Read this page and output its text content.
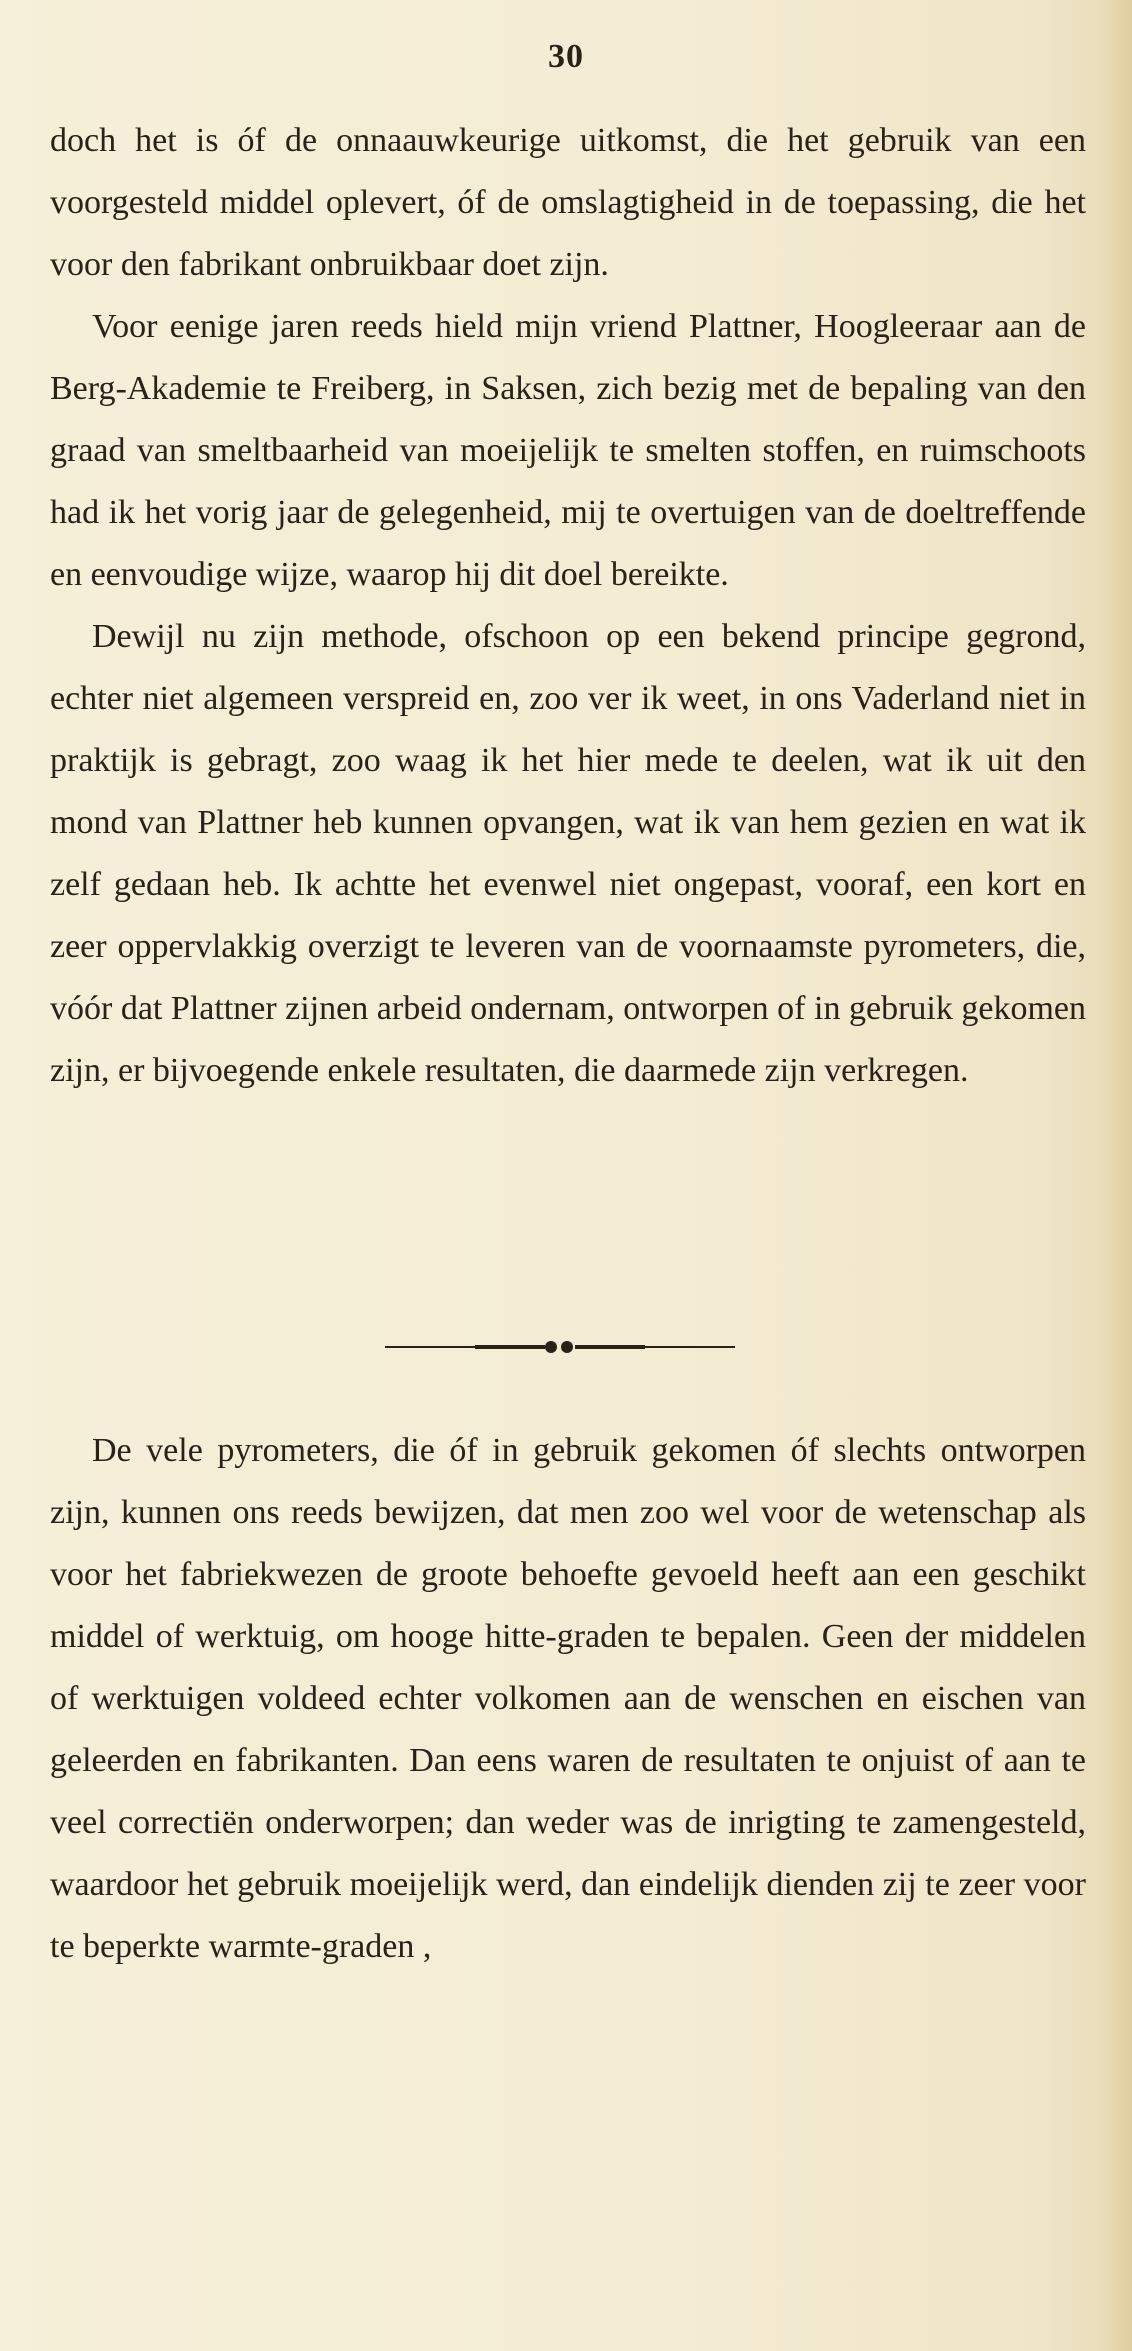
30

doch het is óf de onnaauwkeurige uitkomst, die het gebruik van een voorgesteld middel oplevert, óf de omslagtigheid in de toepassing, die het voor den fabrikant onbruikbaar doet zijn.

Voor eenige jaren reeds hield mijn vriend Plattner, Hoogleeraar aan de Berg-Akademie te Freiberg, in Saksen, zich bezig met de bepaling van den graad van smeltbaarheid van moeijelijk te smelten stoffen, en ruimschoots had ik het vorig jaar de gelegenheid, mij te overtuigen van de doeltreffende en eenvoudige wijze, waarop hij dit doel bereikte.

Dewijl nu zijn methode, ofschoon op een bekend principe gegrond, echter niet algemeen verspreid en, zoo ver ik weet, in ons Vaderland niet in praktijk is gebragt, zoo waag ik het hier mede te deelen, wat ik uit den mond van Plattner heb kunnen opvangen, wat ik van hem gezien en wat ik zelf gedaan heb. Ik achtte het evenwel niet ongepast, vooraf, een kort en zeer oppervlakkig overzigt te leveren van de voornaamste pyrometers, die, vóór dat Plattner zijnen arbeid ondernam, ontworpen of in gebruik gekomen zijn, er bijvoegende enkele resultaten, die daarmede zijn verkregen.

De vele pyrometers, die óf in gebruik gekomen óf slechts ontworpen zijn, kunnen ons reeds bewijzen, dat men zoo wel voor de wetenschap als voor het fabriekwezen de groote behoefte gevoeld heeft aan een geschikt middel of werktuig, om hooge hitte-graden te bepalen. Geen der middelen of werktuigen voldeed echter volkomen aan de wenschen en eischen van geleerden en fabrikanten. Dan eens waren de resultaten te onjuist of aan te veel correctiën onderworpen; dan weder was de inrigting te zamengesteld, waardoor het gebruik moeijelijk werd, dan eindelijk dienden zij te zeer voor te beperkte warmte-graden ,
